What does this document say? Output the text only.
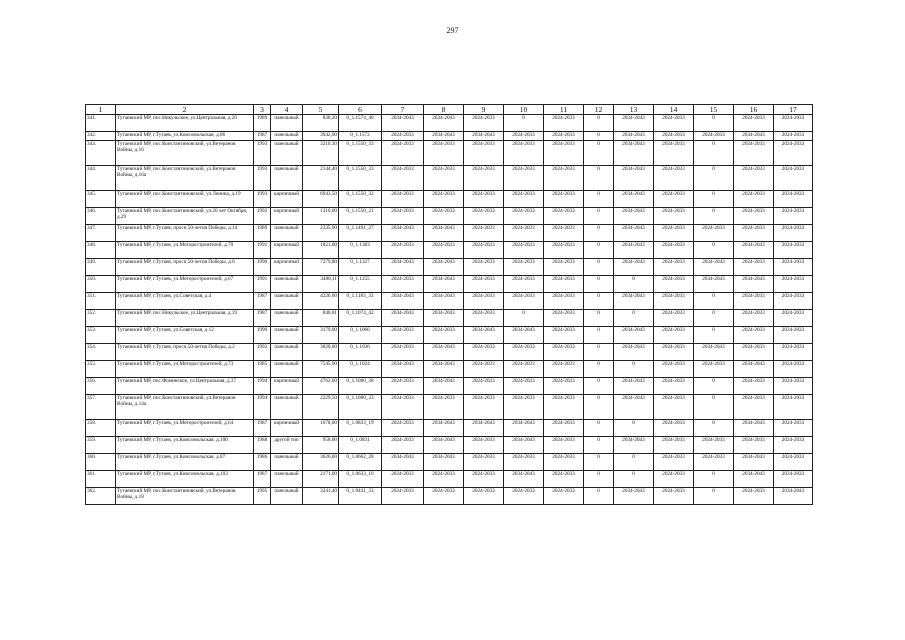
297
1	2	3	4	5	6	7	8	9	10	11	12	13	14	15	16	17
341.	Тутаевский МР, пос.Никульское, ул.Центральная, д.20	1989	панельный	838,20	0_1.1574_40	2034-2043	2034-2043	2024-2033	0	2024-2033	0	2034-2043	2024-2033	0	2024-2033	2024-2033
342.	Тутаевский МР, г.Тутаев, ул.Комсомольская, д.86	1987	панельный	3942,00	0_1.1572	2024-2033	2034-2043	2034-2043	2024-2033	2024-2033	0	2034-2043	2024-2033	2024-2033	2034-2043	2024-2033
343.	Тутаевский МР, пос.Константиновский, ул.Ветеранов Войны, д.16	1993	панельный	3210,30	0_1.1550_33	2024-2033	2024-2033	2024-2033	2024-2033	2024-2033	0	2034-2043	2024-2033	0	2024-2033	2024-2033
344.	Тутаевский МР, пос.Константиновский, ул.Ветеранов Войны, д.16а	1993	панельный	2144,40	0_1.1550_33	2024-2033	2024-2033	2024-2033	2024-2033	2024-2033	0	2034-2043	2024-2033	0	2024-2033	2024-2033
345.	Тутаевский МР, пос.Константиновский, ул.Ленина, д.19	1993	кирпичный	6943,50	0_1.1550_32	2024-2033	2024-2033	2024-2033	2024-2033	2024-2033	0	2034-2043	2024-2033	0	2024-2033	2024-2033
346.	Тутаевский МР, пос.Константиновский, ул.20 лет Октября, д.29	1993	кирпичный	1316,00	0_1.1550_21	2024-2033	2024-2033	2024-2033	2024-2033	2024-2033	0	2034-2043	2024-2033	0	2024-2033	2024-2033
347.	Тутаевский МР, г.Тутаев, просп.50-летия Победы, д.14	1989	панельный	2335,00	0_1.1491_27	2034-2043	2034-2043	2024-2033	2024-2033	2024-2033	0	2034-2043	2024-2033	2024-2033	2024-2033	2024-2033
348.	Тутаевский МР, г.Тутаев, ул.Моторостроителей, д.70	1991	кирпичный	1821,00	0_1.1383	2024-2033	2024-2033	2024-2033	2024-2033	2024-2033	0	2034-2043	2024-2033	0	2034-2043	2024-2033
349.	Тутаевский МР, г.Тутаев, просп.50-летия Победы, д.6	1990	кирпичный	7279,80	0_1.1327	2034-2043	2034-2043	2024-2033	2024-2033	2024-2033	0	2034-2043	2024-2033	2034-2043	2024-2033	2024-2033
350.	Тутаевский МР, г.Тутаев, ул.Моторостроителей, д.67	1991	панельный	3480,11	0_1.1255	2024-2033	2034-2043	2024-2033	2024-2033	2024-2033	0	0	2024-2033	2034-2043	2034-2043	2024-2033
351.	Тутаевский МР, г.Тутаев, ул.Советская, д.4	1987	панельный	4226,60	0_1.1183_33	2034-2043	2034-2043	2024-2033	2024-2033	2024-2033	0	2034-2043	2024-2033	0	2024-2033	2024-2033
352.	Тутаевский МР, пос.Никульское, ул.Центральная, д.19	1987	панельный	840,81	0_1.1074_42	2034-2043	2034-2043	2024-2033	0	2024-2033	0	0	2024-2033	0	2024-2033	2024-2033
353.	Тутаевский МР, г.Тутаев, ул.Советская, д.12	1990	панельный	3179,00	0_1.1066	2024-2033	2024-2033	2034-2043	2034-2043	2024-2033	0	2034-2043	2024-2033	0	2024-2033	2024-2033
354.	Тутаевский МР, г.Тутаев, просп.50-летия Победы, д.2	1992	панельный	3820,00	0_1.1036	2024-2033	2034-2043	2024-2033	2024-2033	2024-2033	0	2034-2043	2024-2033	2034-2043	2024-2033	2024-2033
355.	Тутаевский МР, г.Тутаев, ул.Моторостроителей, д.73	1985	панельный	7545,00	0_1.1024	2034-2043	2034-2043	2024-2033	2024-2033	2024-2033	0	0	2024-2033	2024-2033	2034-2043	2024-2033
356.	Тутаевский МР, пос.Фоминское, ул.Центральная, д.37	1994	кирпичный	4762,60	0_1.1000_38	2024-2033	2034-2043	2024-2033	2024-2033	2024-2033	0	2034-2043	2024-2033	0	2024-2033	2024-2033
357.	Тутаевский МР, пос.Константиновский, ул.Ветеранов Войны, д.14а	1994	панельный	2229,50	0_1.1000_33	2024-2033	2024-2033	2024-2033	2024-2033	2024-2033	0	2034-2043	2024-2033	0	2024-2033	2024-2033
358.	Тутаевский МР, г.Тутаев, ул.Моторостроителей, д.64	1987	кирпичный	1678,00	0_1.0833_19	2024-2033	2034-2043	2034-2043	2034-2043	2024-2033	0	0	2024-2033	0	2034-2043	2024-2033
359.	Тутаевский МР, г.Тутаев, ул.Комсомольская, д.100	1988	другой тип	958,00	0_1.0831	2024-2033	2034-2043	2024-2033	2034-2043	2024-2033	0	2034-2043	2024-2033	2024-2033	2024-2033	2024-2033
360.	Тутаевский МР, г.Тутаев, ул.Комсомольская, д.87	1986	панельный	3626,00	0_1.0662_28	2034-2043	2034-2043	2024-2033	2024-2033	2024-2033	0	0	2024-2033	2024-2033	2034-2043	2024-2033
361.	Тутаевский МР, г.Тутаев, ул.Комсомольская, д.103	1987	панельный	2171,00	0_1.0633_10	2024-2033	2024-2033	2024-2033	2034-2043	2024-2033	0	0	2024-2033	0	2034-2043	2024-2033
362.	Тутаевский МР, пос.Константиновский, ул.Ветеранов Войны, д.18	1995	панельный	3241,40	0_1.0441_33	2024-2033	2024-2033	2024-2033	2024-2033	2024-2033	0	2034-2043	2024-2033	0	2024-2033	2034-2043
